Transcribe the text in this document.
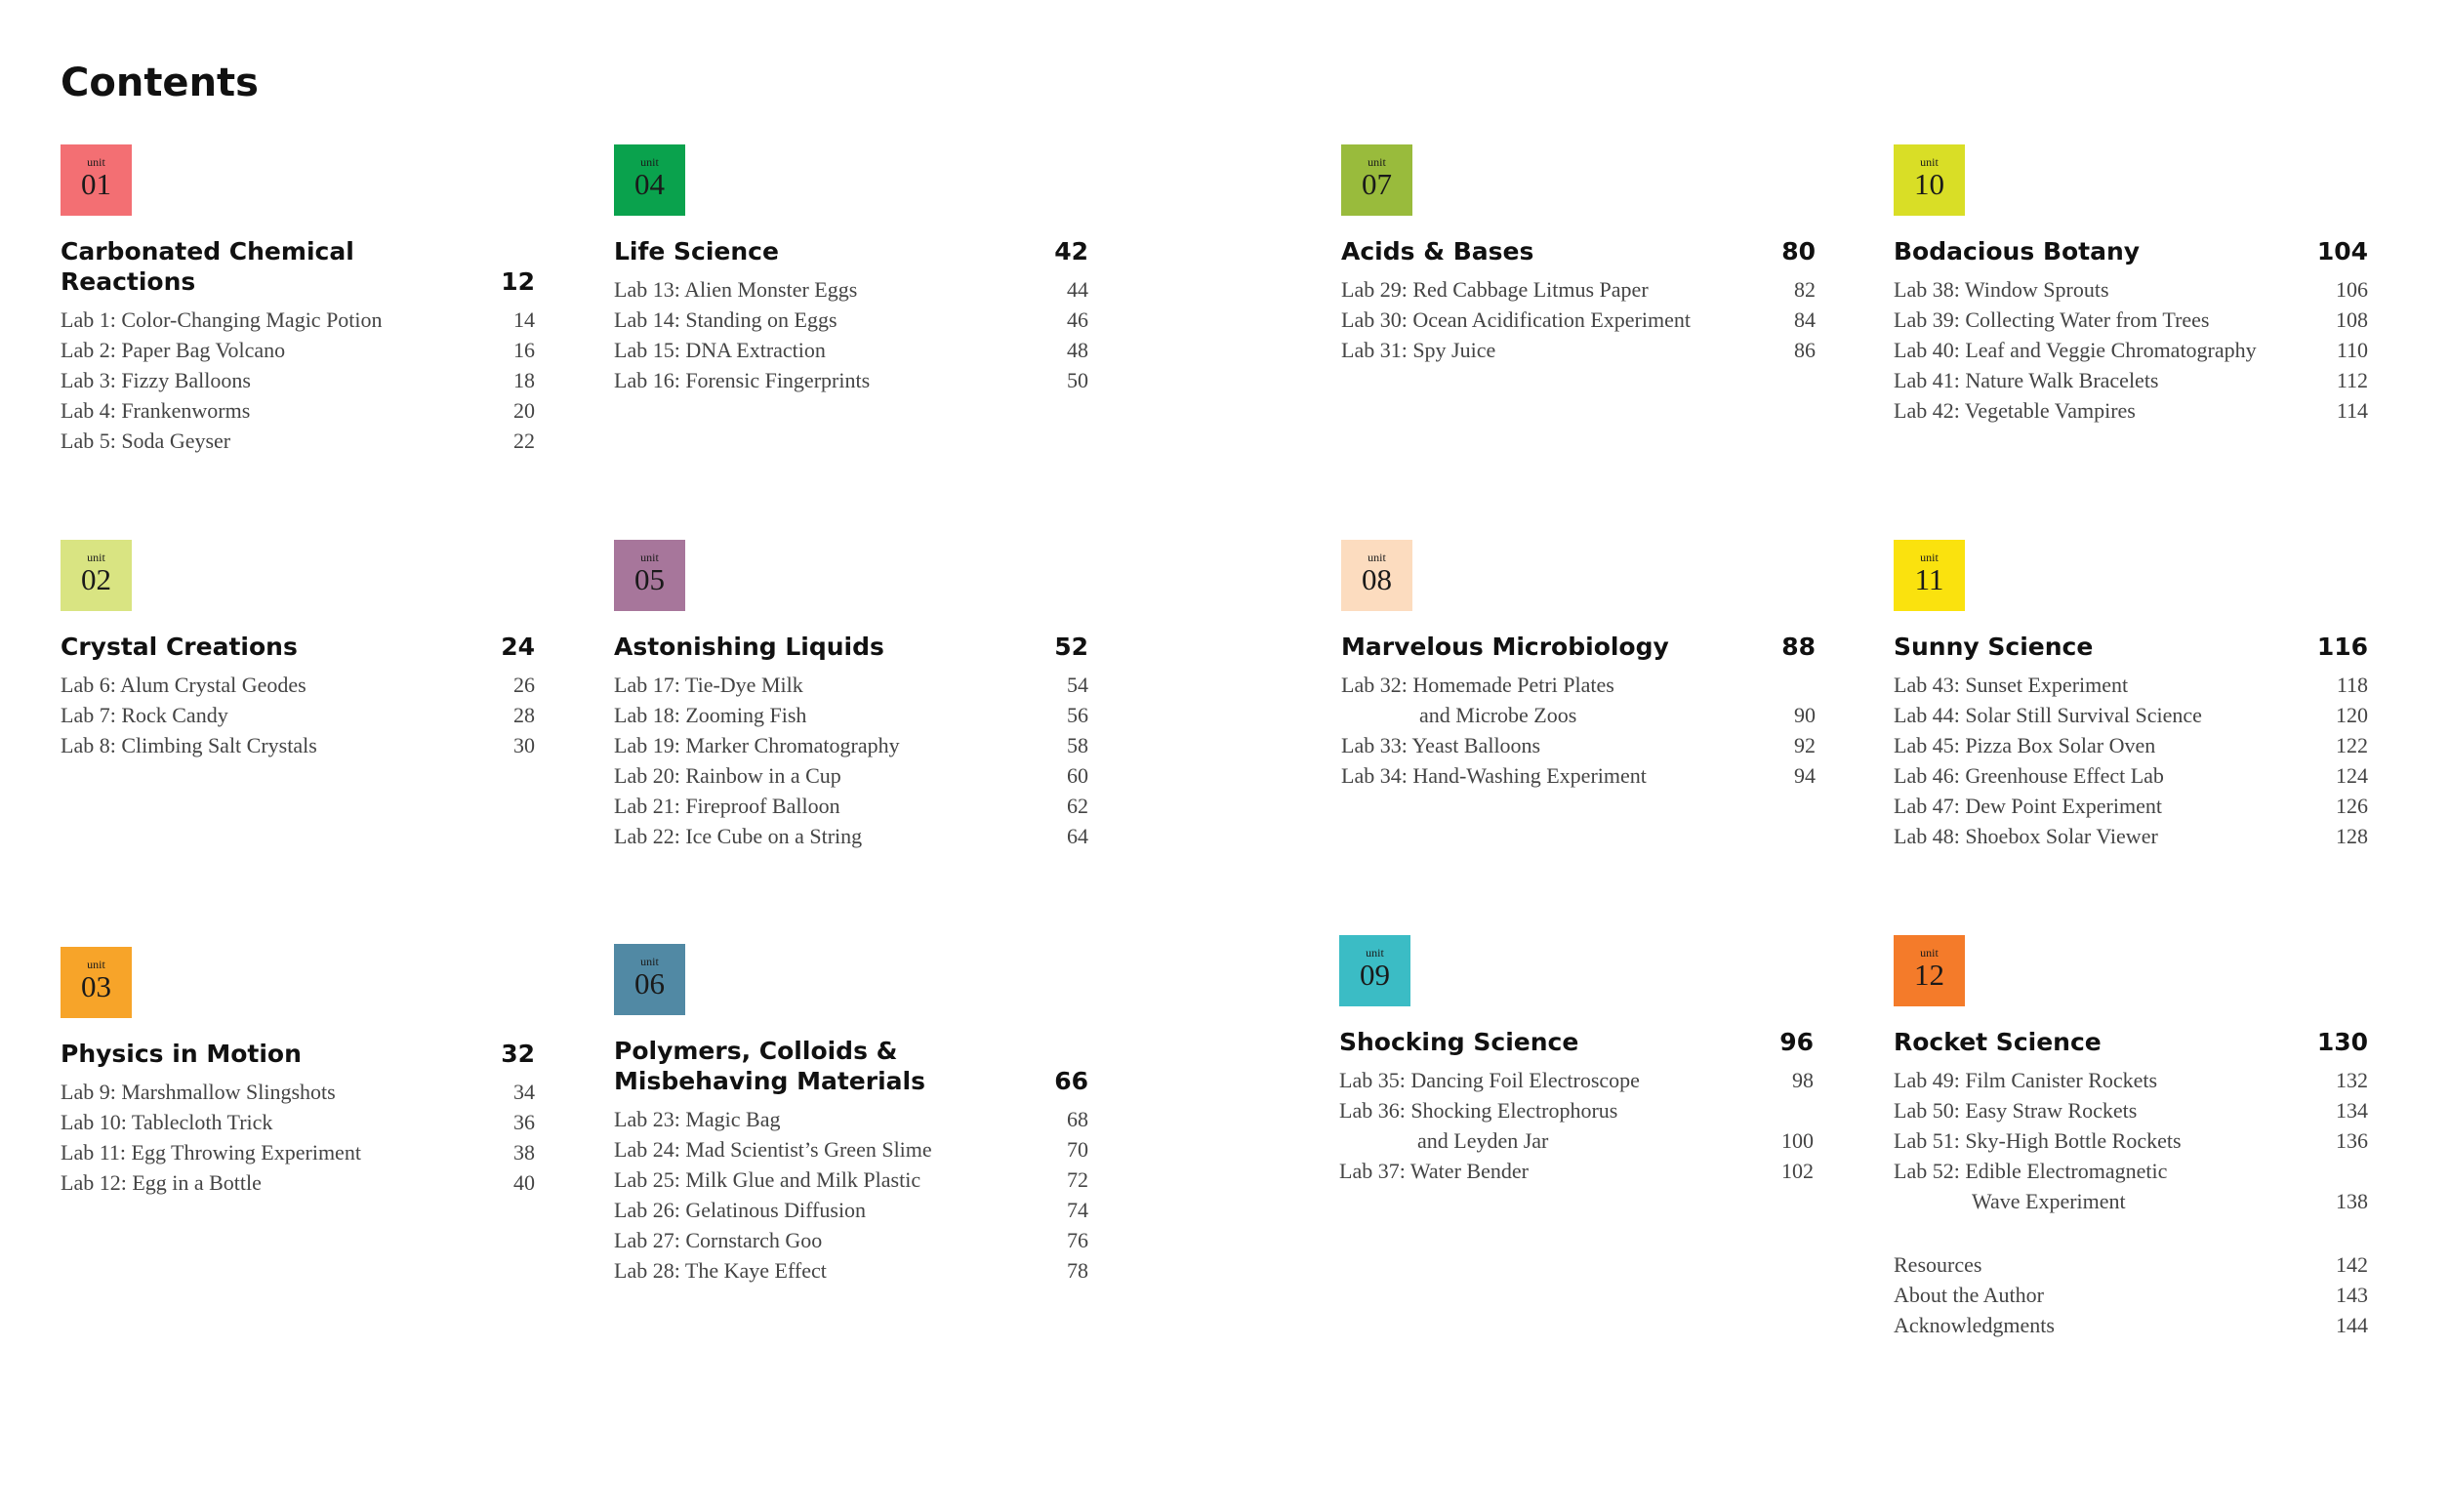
Contents
unit
01
Carbonated Chemical Reactions	12
Lab 1: Color-Changing Magic Potion	14
Lab 2: Paper Bag Volcano	16
Lab 3: Fizzy Balloons	18
Lab 4: Frankenworms	20
Lab 5: Soda Geyser	22
unit
02
Crystal Creations	24
Lab 6: Alum Crystal Geodes	26
Lab 7: Rock Candy	28
Lab 8: Climbing Salt Crystals	30
unit
03
Physics in Motion	32
Lab 9: Marshmallow Slingshots	34
Lab 10: Tablecloth Trick	36
Lab 11: Egg Throwing Experiment	38
Lab 12: Egg in a Bottle	40
unit
04
Life Science	42
Lab 13: Alien Monster Eggs	44
Lab 14: Standing on Eggs	46
Lab 15: DNA Extraction	48
Lab 16: Forensic Fingerprints	50
unit
05
Astonishing Liquids	52
Lab 17: Tie-Dye Milk	54
Lab 18: Zooming Fish	56
Lab 19: Marker Chromatography	58
Lab 20: Rainbow in a Cup	60
Lab 21: Fireproof Balloon	62
Lab 22: Ice Cube on a String	64
unit
06
Polymers, Colloids & Misbehaving Materials	66
Lab 23: Magic Bag	68
Lab 24: Mad Scientist’s Green Slime	70
Lab 25: Milk Glue and Milk Plastic	72
Lab 26: Gelatinous Diffusion	74
Lab 27: Cornstarch Goo	76
Lab 28: The Kaye Effect	78
unit
07
Acids & Bases	80
Lab 29: Red Cabbage Litmus Paper	82
Lab 30: Ocean Acidification Experiment	84
Lab 31: Spy Juice	86
unit
08
Marvelous Microbiology	88
Lab 32: Homemade Petri Plates
and Microbe Zoos	90
Lab 33: Yeast Balloons	92
Lab 34: Hand-Washing Experiment	94
unit
09
Shocking Science	96
Lab 35: Dancing Foil Electroscope	98
Lab 36: Shocking Electrophorus
and Leyden Jar	100
Lab 37: Water Bender	102
unit
10
Bodacious Botany	104
Lab 38: Window Sprouts	106
Lab 39: Collecting Water from Trees	108
Lab 40: Leaf and Veggie Chromatography	110
Lab 41: Nature Walk Bracelets	112
Lab 42: Vegetable Vampires	114
unit
11
Sunny Science	116
Lab 43: Sunset Experiment	118
Lab 44: Solar Still Survival Science	120
Lab 45: Pizza Box Solar Oven	122
Lab 46: Greenhouse Effect Lab	124
Lab 47: Dew Point Experiment	126
Lab 48: Shoebox Solar Viewer	128
unit
12
Rocket Science	130
Lab 49: Film Canister Rockets	132
Lab 50: Easy Straw Rockets	134
Lab 51: Sky-High Bottle Rockets	136
Lab 52: Edible Electromagnetic
Wave Experiment	138
Resources	142
About the Author	143
Acknowledgments	144
